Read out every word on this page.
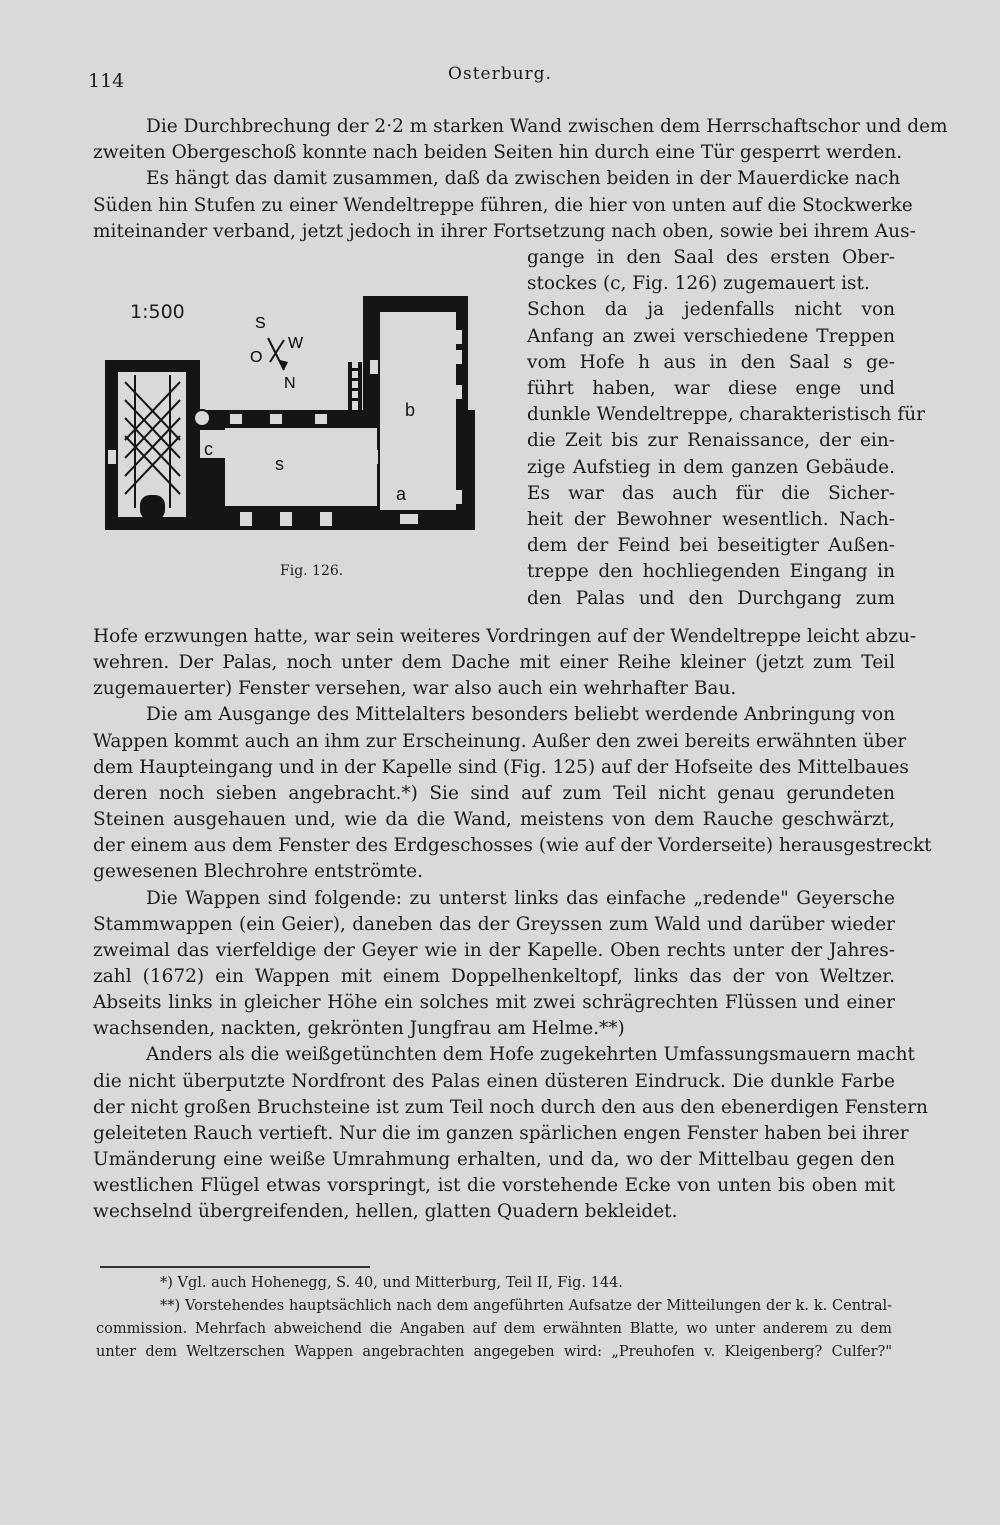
114	Osterburg.
Die Durchbrechung der 2·2 m starken Wand zwischen dem Herrschaftschor und dem
zweiten Obergeschoß konnte nach beiden Seiten hin durch eine Tür gesperrt werden.
Es hängt das damit zusammen, daß da zwischen beiden in der Mauerdicke nach
Süden hin Stufen zu einer Wendeltreppe führen, die hier von unten auf die Stockwerke
miteinander verband, jetzt jedoch in ihrer Fortsetzung nach oben, sowie bei ihrem Aus-
gange in den Saal des ersten Ober-
stockes (c, Fig. 126) zugemauert ist.
Schon da ja jedenfalls nicht von
Anfang an zwei verschiedene Treppen
vom Hofe h aus in den Saal s ge-
führt haben, war diese enge und
dunkle Wendeltreppe, charakteristisch für
die Zeit bis zur Renaissance, der ein-
zige Aufstieg in dem ganzen Gebäude.
Es war das auch für die Sicher-
heit der Bewohner wesentlich. Nach-
dem der Feind bei beseitigter Außen-
treppe den hochliegenden Eingang in
den Palas und den Durchgang zum
Hofe erzwungen hatte, war sein weiteres Vordringen auf der Wendeltreppe leicht abzu-
wehren. Der Palas, noch unter dem Dache mit einer Reihe kleiner (jetzt zum Teil
zugemauerter) Fenster versehen, war also auch ein wehrhafter Bau.
Die am Ausgange des Mittelalters besonders beliebt werdende Anbringung von
Wappen kommt auch an ihm zur Erscheinung. Außer den zwei bereits erwähnten über
dem Haupteingang und in der Kapelle sind (Fig. 125) auf der Hofseite des Mittelbaues
deren noch sieben angebracht.*) Sie sind auf zum Teil nicht genau gerundeten
Steinen ausgehauen und, wie da die Wand, meistens von dem Rauche geschwärzt,
der einem aus dem Fenster des Erdgeschosses (wie auf der Vorderseite) herausgestreckt
gewesenen Blechrohre entströmte.
Die Wappen sind folgende: zu unterst links das einfache „redende" Geyersche
Stammwappen (ein Geier), daneben das der Greyssen zum Wald und darüber wieder
zweimal das vierfeldige der Geyer wie in der Kapelle. Oben rechts unter der Jahres-
zahl (1672) ein Wappen mit einem Doppelhenkeltopf, links das der von Weltzer.
Abseits links in gleicher Höhe ein solches mit zwei schrägrechten Flüssen und einer
wachsenden, nackten, gekrönten Jungfrau am Helme.**)
Anders als die weißgetünchten dem Hofe zugekehrten Umfassungsmauern macht
die nicht überputzte Nordfront des Palas einen düsteren Eindruck. Die dunkle Farbe
der nicht großen Bruchsteine ist zum Teil noch durch den aus den ebenerdigen Fenstern
geleiteten Rauch vertieft. Nur die im ganzen spärlichen engen Fenster haben bei ihrer
Umänderung eine weiße Umrahmung erhalten, und da, wo der Mittelbau gegen den
westlichen Flügel etwas vorspringt, ist die vorstehende Ecke von unten bis oben mit
wechselnd übergreifenden, hellen, glatten Quadern bekleidet.
1:500
S
W
O
N
b
c
s
a
Fig. 126.
*) Vgl. auch Hohenegg, S. 40, und Mitterburg, Teil II, Fig. 144.
**) Vorstehendes hauptsächlich nach dem angeführten Aufsatze der Mitteilungen der k. k. Central-
commission. Mehrfach abweichend die Angaben auf dem erwähnten Blatte, wo unter anderem zu dem
unter dem Weltzerschen Wappen angebrachten angegeben wird: „Preuhofen v. Kleigenberg? Culfer?"
